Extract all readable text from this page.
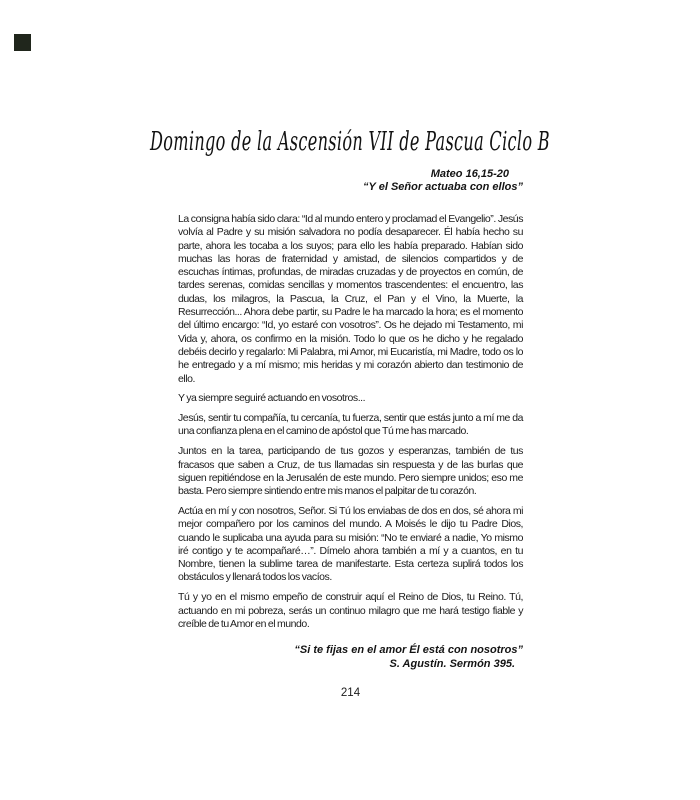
Domingo de la Ascensión VII de Pascua Ciclo B
Mateo 16,15-20
“Y el Señor actuaba con ellos”

La consigna había sido clara: “Id al mundo entero y proclamad el Evangelio”. Jesús volvía al Padre y su misión salvadora no podía desaparecer. Él había hecho su parte, ahora les tocaba a los suyos; para ello les había preparado. Habían sido muchas las horas de fraternidad y amistad, de silencios compartidos y de escuchas íntimas, profundas, de miradas cruzadas y de proyectos en común, de tardes serenas, comidas sencillas y momentos trascendentes: el encuentro, las dudas, los milagros, la Pascua, la Cruz, el Pan y el Vino, la Muerte, la Resurrección... Ahora debe partir, su Padre le ha marcado la hora; es el momento del último encargo: “Id, yo estaré con vosotros”. Os he dejado mi Testamento, mi Vida y, ahora, os confirmo en la misión. Todo lo que os he dicho y he regalado debéis decirlo y regalarlo: Mi Palabra, mi Amor, mi Eucaristía, mi Madre, todo os lo he entregado y a mí mismo; mis heridas y mi corazón abierto dan testimonio de ello.

Y ya siempre seguiré actuando en vosotros...

Jesús, sentir tu compañía, tu cercanía, tu fuerza, sentir que estás junto a mí me da una confianza plena en el camino de apóstol que Tú me has marcado.

Juntos en la tarea, participando de tus gozos y esperanzas, también de tus fracasos que saben a Cruz, de tus llamadas sin respuesta y de las burlas que siguen repitiéndose en la Jerusalén de este mundo. Pero siempre unidos; eso me basta. Pero siempre sintiendo entre mis manos el palpitar de tu corazón.

Actúa en mí y con nosotros, Señor. Si Tú los enviabas de dos en dos, sé ahora mi mejor compañero por los caminos del mundo. A Moisés le dijo tu Padre Dios, cuando le suplicaba una ayuda para su misión: “No te enviaré a nadie, Yo mismo iré contigo y te acompañaré…”. Dímelo ahora también a mí y a cuantos, en tu Nombre, tienen la sublime tarea de manifestarte. Esta certeza suplirá todos los obstáculos y llenará todos los vacíos.

Tú y yo en el mismo empeño de construir aquí el Reino de Dios, tu Reino. Tú, actuando en mi pobreza, serás un continuo milagro que me hará testigo fiable y creíble de tu Amor en el mundo.

“Si te fijas en el amor Él está con nosotros”
S. Agustín. Sermón 395.
214
